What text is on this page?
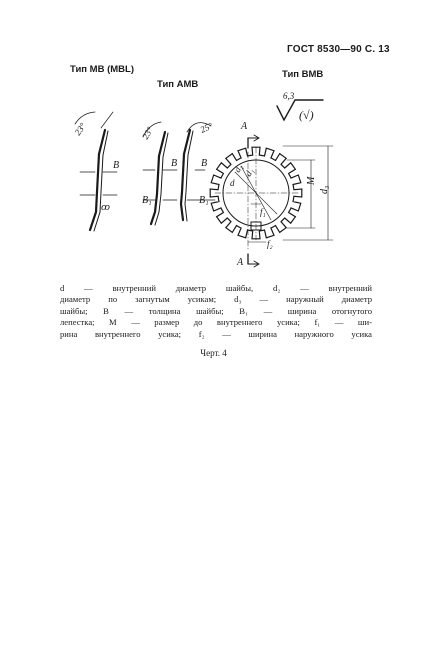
ГОСТ 8530—90 С. 13
Тип MB (MBL)
Тип AMB
Тип BMB
6,3
(√)
23°
B
ꝏ
23°
B
B₁
25°
B
B₁
A
A
d₂
d₁
d
f₁
f₂
M
d₃
d — внутренний диаметр шайбы, d₂ — внутренний
диаметр по загнутым усикам; d₃ — наружный диаметр
шайбы; B — толщина шайбы; B₁ — ширина отогнутого
лепестка; M — размер до внутреннего усика; f₁ — ши-
рина внутреннего усика; f₂ — ширина наружного усика
Черт. 4
